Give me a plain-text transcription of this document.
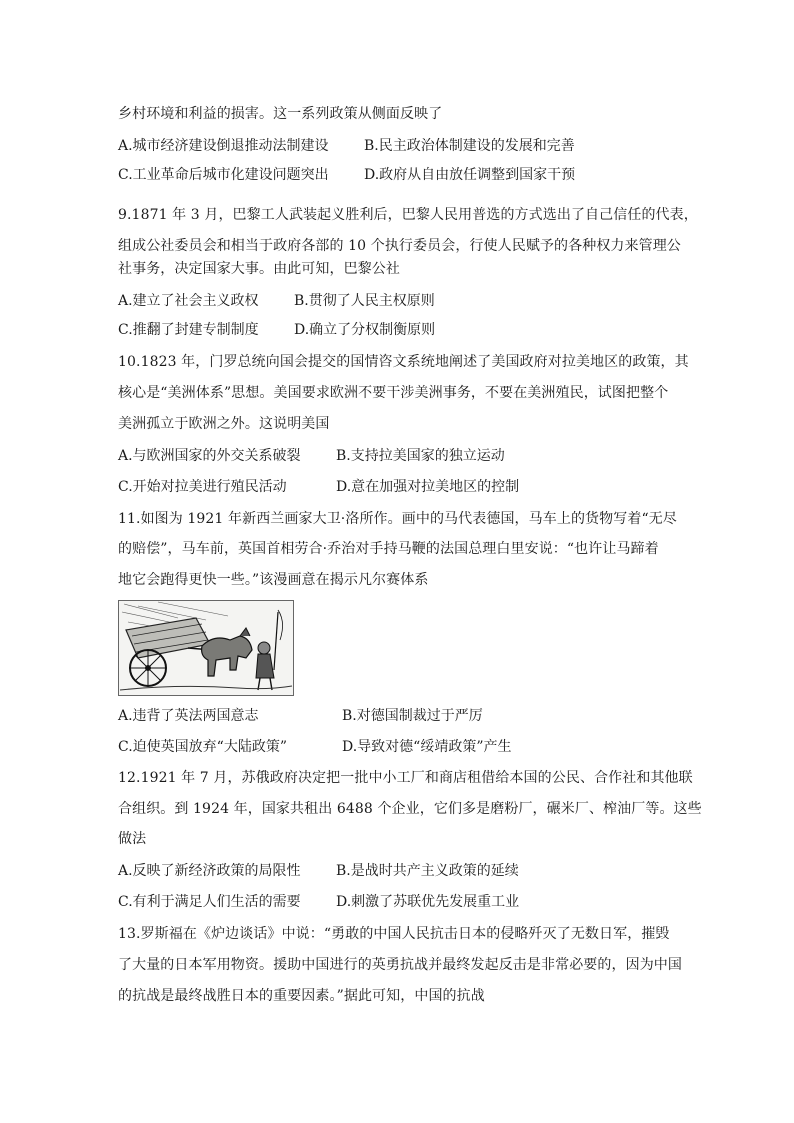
乡村环境和利益的损害。这一系列政策从侧面反映了
A.城市经济建设倒退推动法制建设	B.民主政治体制建设的发展和完善
C.工业革命后城市化建设问题突出	D.政府从自由放任调整到国家干预
9.1871 年 3 月，巴黎工人武装起义胜利后，巴黎人民用普选的方式选出了自己信任的代表，
组成公社委员会和相当于政府各部的 10 个执行委员会，行使人民赋予的各种权力来管理公
社事务，决定国家大事。由此可知，巴黎公社
A.建立了社会主义政权	B.贯彻了人民主权原则
C.推翻了封建专制制度	D.确立了分权制衡原则
10.1823 年，门罗总统向国会提交的国情咨文系统地阐述了美国政府对拉美地区的政策，其
核心是“美洲体系”思想。美国要求欧洲不要干涉美洲事务，不要在美洲殖民，试图把整个
美洲孤立于欧洲之外。这说明美国
A.与欧洲国家的外交关系破裂	B.支持拉美国家的独立运动
C.开始对拉美进行殖民活动	D.意在加强对拉美地区的控制
11.如图为 1921 年新西兰画家大卫·洛所作。画中的马代表德国，马车上的货物写着“无尽
的赔偿”，马车前，英国首相劳合·乔治对手持马鞭的法国总理白里安说：“也许让马蹄着
地它会跑得更快一些。”该漫画意在揭示凡尔赛体系
A.违背了英法两国意志	B.对德国制裁过于严厉
C.迫使英国放弃“大陆政策”	D.导致对德“绥靖政策”产生
12.1921 年 7 月，苏俄政府决定把一批中小工厂和商店租借给本国的公民、合作社和其他联
合组织。到 1924 年，国家共租出 6488 个企业，它们多是磨粉厂，碾米厂、榨油厂等。这些
做法
A.反映了新经济政策的局限性	B.是战时共产主义政策的延续
C.有利于满足人们生活的需要	D.刺激了苏联优先发展重工业
13.罗斯福在《炉边谈话》中说：“勇敢的中国人民抗击日本的侵略歼灭了无数日军，摧毁
了大量的日本军用物资。援助中国进行的英勇抗战并最终发起反击是非常必要的，因为中国
的抗战是最终战胜日本的重要因素。”据此可知，中国的抗战
